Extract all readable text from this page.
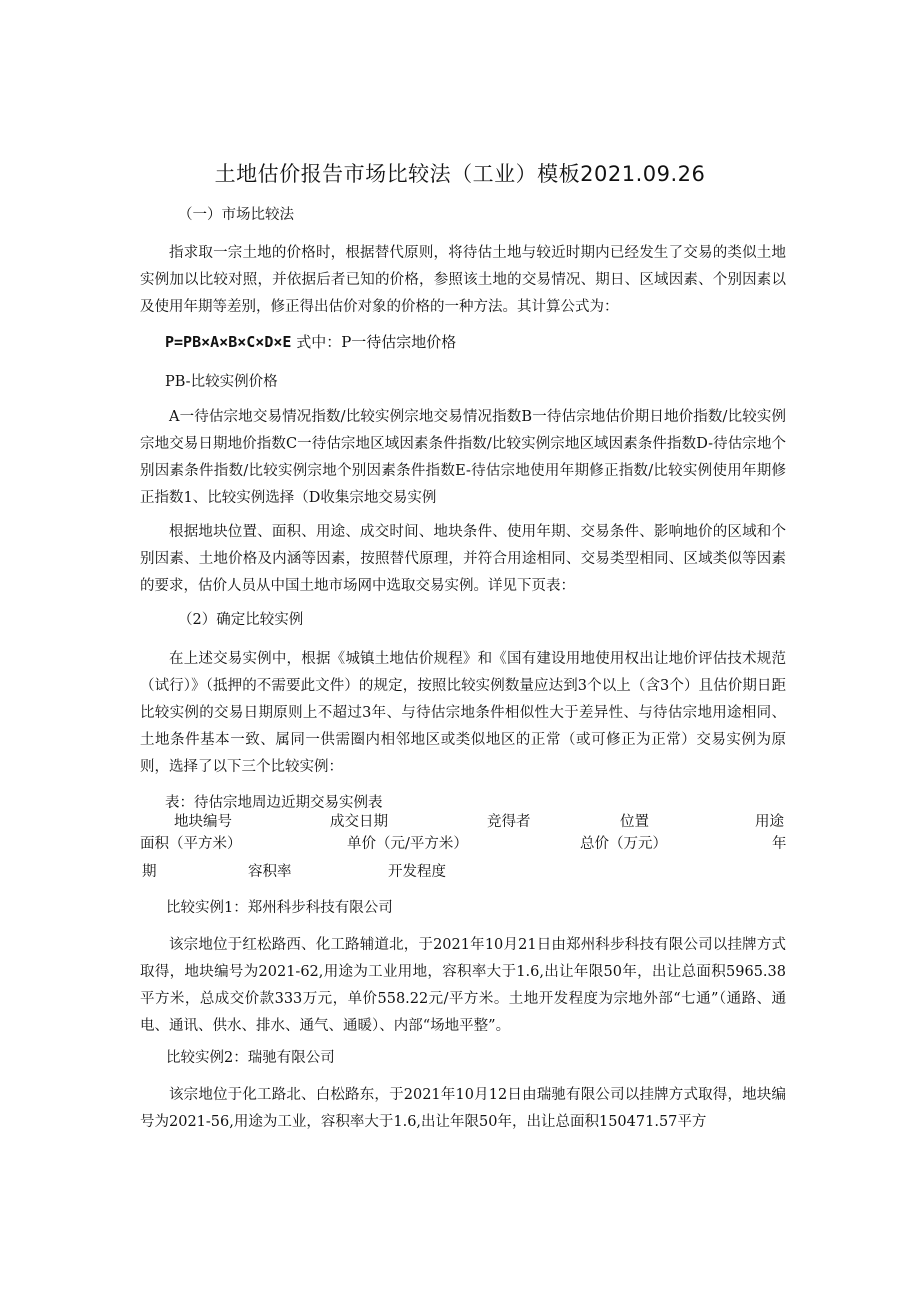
土地估价报告市场比较法（工业）模板2021.09.26
（一）市场比较法
指求取一宗土地的价格时，根据替代原则，将待估土地与较近时期内已经发生了交易的类似土地实例加以比较对照，并依据后者已知的价格，参照该土地的交易情况、期日、区域因素、个别因素以及使用年期等差别，修正得出估价对象的价格的一种方法。其计算公式为：
P=PB×A×B×C×D×E 式中：P一待估宗地价格
PB-比较实例价格
A一待估宗地交易情况指数/比较实例宗地交易情况指数B一待估宗地估价期日地价指数/比较实例宗地交易日期地价指数C一待估宗地区域因素条件指数/比较实例宗地区域因素条件指数D-待估宗地个别因素条件指数/比较实例宗地个别因素条件指数E-待估宗地使用年期修正指数/比较实例使用年期修正指数1、比较实例选择（D收集宗地交易实例
根据地块位置、面积、用途、成交时间、地块条件、使用年期、交易条件、影响地价的区域和个别因素、土地价格及内涵等因素，按照替代原理，并符合用途相同、交易类型相同、区域类似等因素的要求，估价人员从中国土地市场网中选取交易实例。详见下页表：
（2）确定比较实例
在上述交易实例中，根据《城镇土地估价规程》和《国有建设用地使用权出让地价评估技术规范（试行）》（抵押的不需要此文件）的规定，按照比较实例数量应达到3个以上（含3个）且估价期日距比较实例的交易日期原则上不超过3年、与待估宗地条件相似性大于差异性、与待估宗地用途相同、土地条件基本一致、属同一供需圈内相邻地区或类似地区的正常（或可修正为正常）交易实例为原则，选择了以下三个比较实例：
表：待估宗地周边近期交易实例表
地块编号	成交日期	竞得者	位置	用途
面积（平方米）	单价（元/平方米）	总价（万元）	年
期	容积率	开发程度
比较实例1：郑州科步科技有限公司
该宗地位于红松路西、化工路辅道北，于2021年10月21日由郑州科步科技有限公司以挂牌方式取得，地块编号为2021-62,用途为工业用地，容积率大于1.6,出让年限50年，出让总面积5965.38平方米，总成交价款333万元，单价558.22元/平方米。土地开发程度为宗地外部“七通”（通路、通电、通讯、供水、排水、通气、通暖）、内部“场地平整”。
比较实例2：瑞驰有限公司
该宗地位于化工路北、白松路东，于2021年10月12日由瑞驰有限公司以挂牌方式取得，地块编号为2021-56,用途为工业，容积率大于1.6,出让年限50年，出让总面积150471.57平方
